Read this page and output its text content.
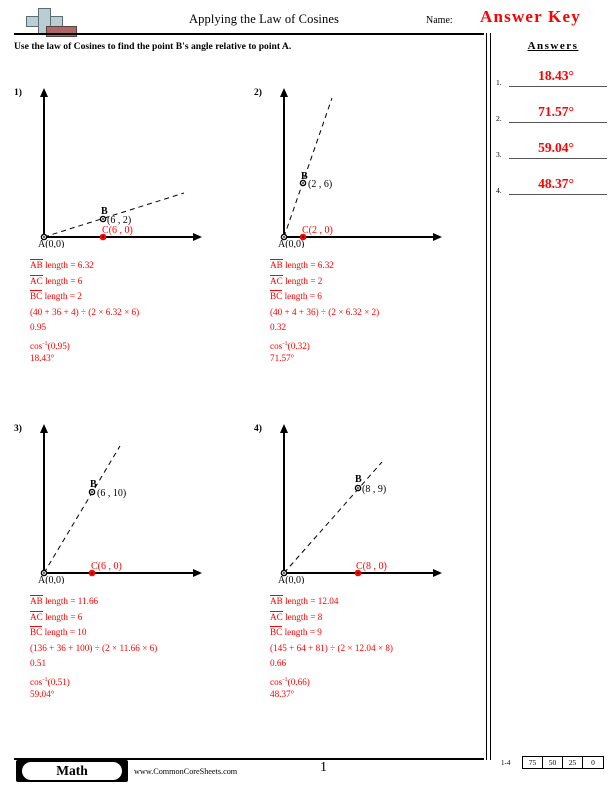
Applying the Law of Cosines	Name: Answer Key
Use the law of Cosines to find the point B's angle relative to point A.	Answers
1.	18.43°
2.	71.57°
3.	59.04°
4.	48.37°
1)
B
(6 , 2)
C(6 , 0)
A(0,0)
AB length = 6.32
AC length = 6
BC length = 2
(40 + 36 + 4) ÷ (2 × 6.32 × 6)
0.95
$\cos^{-1}(0.95)$
18.43°
2)
B
(2 , 6)
C(2 , 0)
A(0,0)
AB length = 6.32
AC length = 2
BC length = 6
(40 + 4 + 36) ÷ (2 × 6.32 × 2)
0.32
$\cos^{-1}(0.32)$
71.57°
3)
B
(6 , 10)
C(6 , 0)
A(0,0)
AB length = 11.66
AC length = 6
BC length = 10
(136 + 36 + 100) ÷ (2 × 11.66 × 6)
0.51
$\cos^{-1}(0.51)$
59.04°
4)
B
(8 , 9)
C(8 , 0)
A(0,0)
AB length = 12.04
AC length = 8
BC length = 9
(145 + 64 + 81) ÷ (2 × 12.04 × 8)
0.66
$\cos^{-1}(0.66)$
48.37°
Math	www.CommonCoreSheets.com	1	1-4	75	50	25	0
